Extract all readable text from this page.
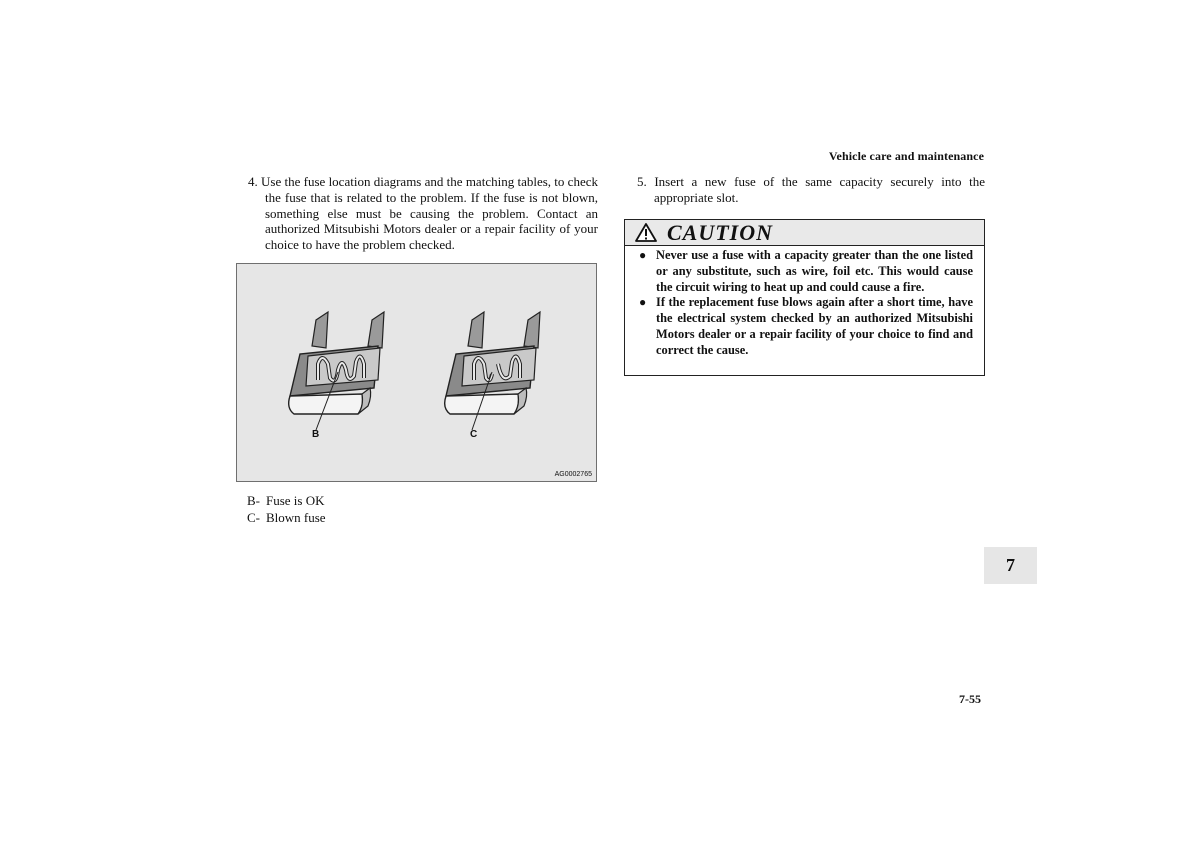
Vehicle care and maintenance

4. Use the fuse location diagrams and the matching tables, to check the fuse that is related to the problem. If the fuse is not blown, something else must be causing the problem. Contact an authorized Mitsubishi Motors dealer or a repair facility of your choice to have the problem checked.

B	C
AG0002765
B- Fuse is OK
C- Blown fuse

5. Insert a new fuse of the same capacity securely into the appropriate slot.

CAUTION
● Never use a fuse with a capacity greater than the one listed or any substitute, such as wire, foil etc. This would cause the circuit wiring to heat up and could cause a fire.
● If the replacement fuse blows again after a short time, have the electrical system checked by an authorized Mitsubishi Motors dealer or a repair facility of your choice to find and correct the cause.
7
7-55
